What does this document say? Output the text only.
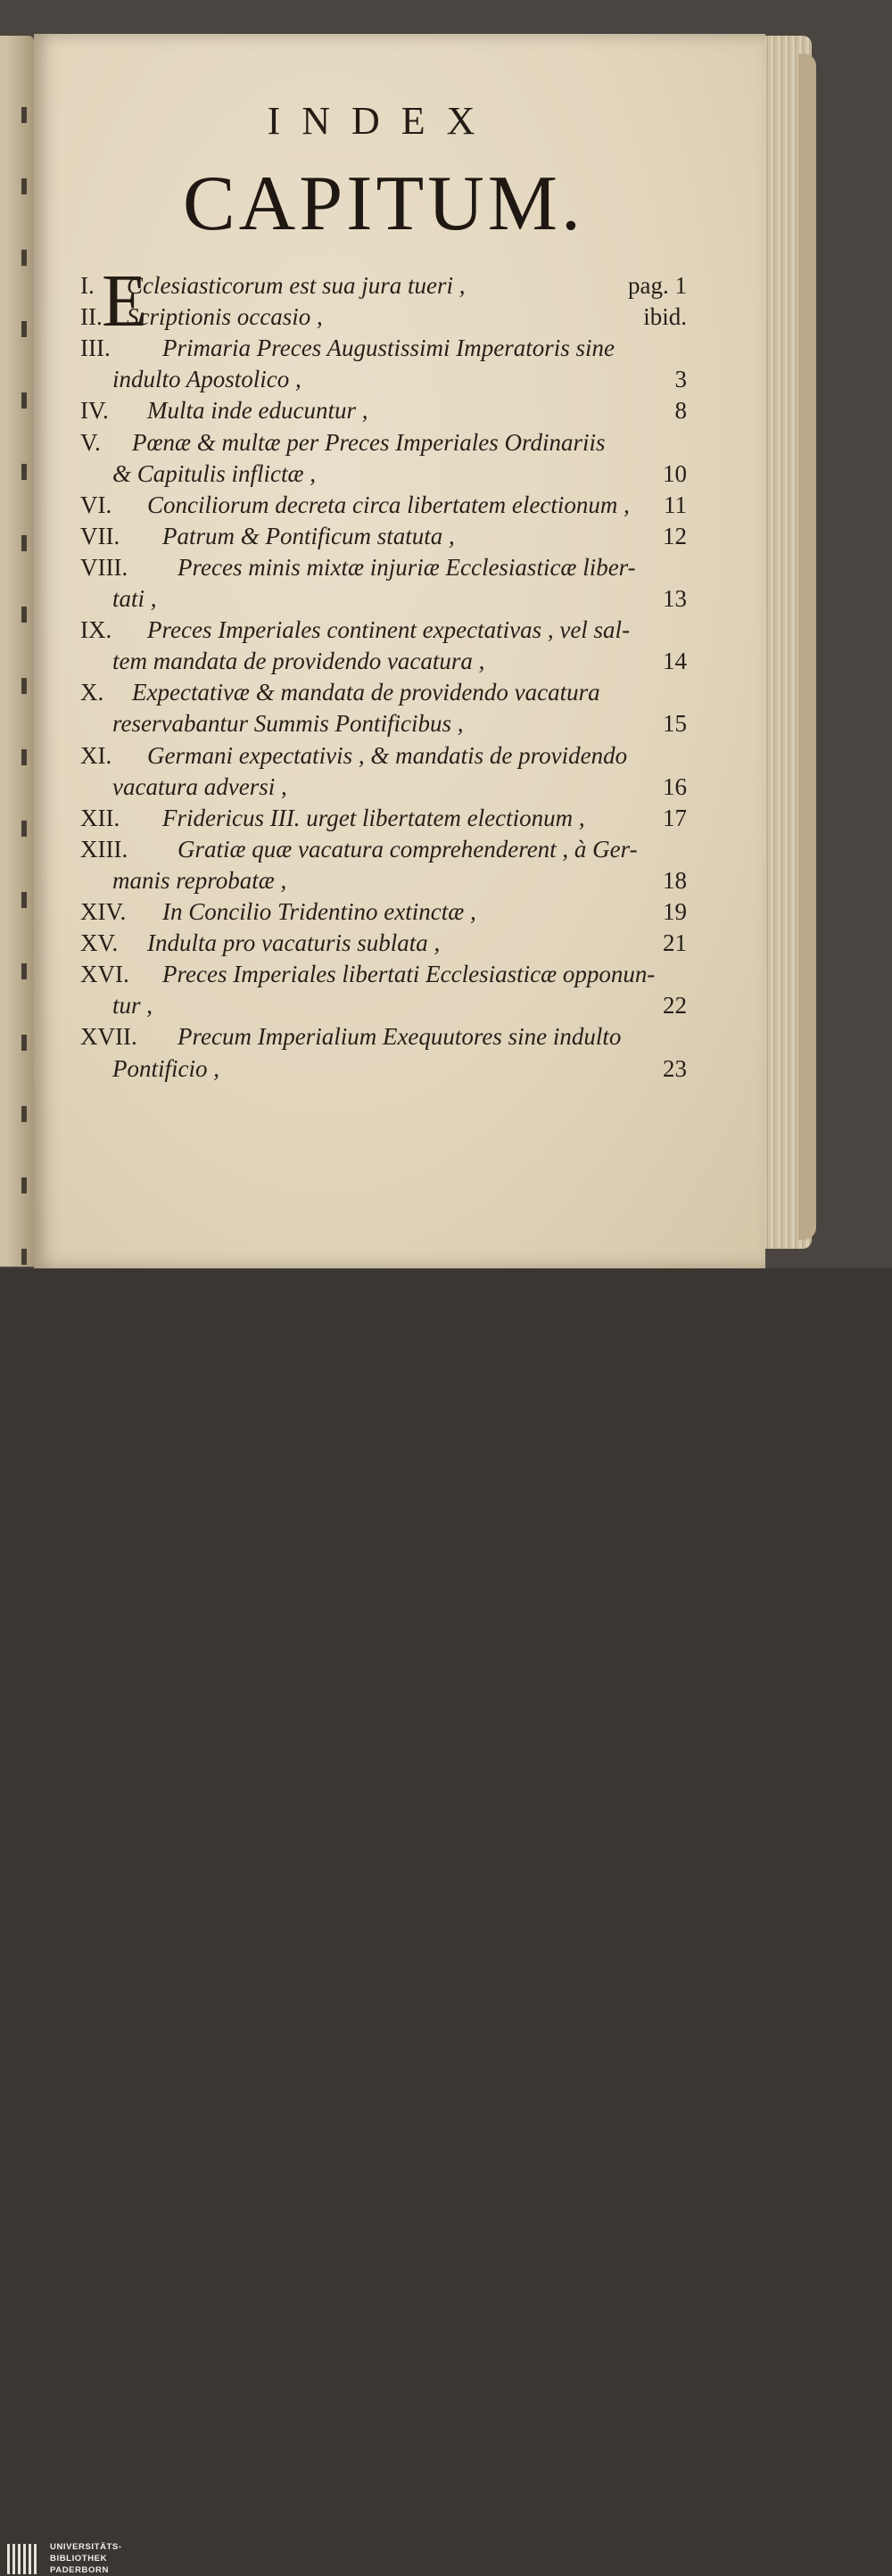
INDEX
CAPITUM.
E
I. Cclesiasticorum est sua jura tueri ,	pag. 1
II. Scriptionis occasio ,	ibid.
III. Primaria Preces Augustissimi Imperatoris sine
indulto Apostolico ,	3
IV. Multa inde educuntur ,	8
V. Pœnæ & multæ per Preces Imperiales Ordinariis
& Capitulis inflictæ ,	10
VI. Conciliorum decreta circa libertatem electionum , 11
VII. Patrum & Pontificum statuta ,	12
VIII. Preces minis mixtæ injuriæ Ecclesiasticæ liber-
tati ,	13
IX. Preces Imperiales continent expectativas , vel sal-
tem mandata de providendo vacatura ,	14
X. Expectativæ & mandata de providendo vacatura
reservabantur Summis Pontificibus ,	15
XI. Germani expectativis , & mandatis de providendo
vacatura adversi ,	16
XII. Fridericus III. urget libertatem electionum ,	17
XIII. Gratiæ quæ vacatura comprehenderent , à Ger-
manis reprobatæ ,	18
XIV. In Concilio Tridentino extinctæ ,	19
XV. Indulta pro vacaturis sublata ,	21
XVI. Preces Imperiales libertati Ecclesiasticæ opponun-
tur ,	22
XVII. Precum Imperialium Exequutores sine indulto
Pontificio ,	23
UNIVERSITÄTS-
BIBLIOTHEK
PADERBORN
